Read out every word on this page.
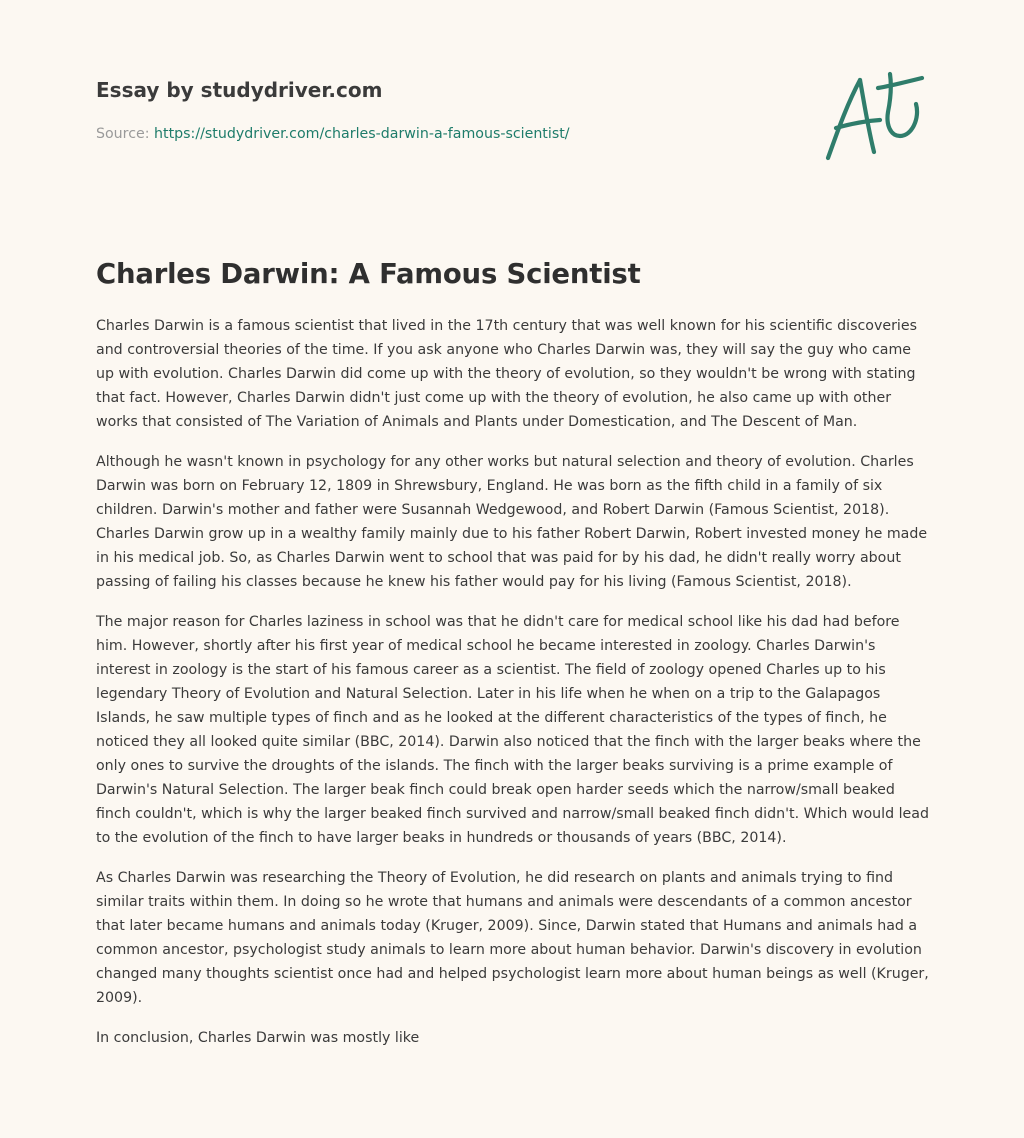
Essay by studydriver.com
Source: https://studydriver.com/charles-darwin-a-famous-scientist/
Charles Darwin: A Famous Scientist

Charles Darwin is a famous scientist that lived in the 17th century that was well known for his scientific discoveries and controversial theories of the time. If you ask anyone who Charles Darwin was, they will say the guy who came up with evolution. Charles Darwin did come up with the theory of evolution, so they wouldn't be wrong with stating that fact. However, Charles Darwin didn't just come up with the theory of evolution, he also came up with other works that consisted of The Variation of Animals and Plants under Domestication, and The Descent of Man.

Although he wasn't known in psychology for any other works but natural selection and theory of evolution. Charles Darwin was born on February 12, 1809 in Shrewsbury, England. He was born as the fifth child in a family of six children. Darwin's mother and father were Susannah Wedgewood, and Robert Darwin (Famous Scientist, 2018). Charles Darwin grow up in a wealthy family mainly due to his father Robert Darwin, Robert invested money he made in his medical job. So, as Charles Darwin went to school that was paid for by his dad, he didn't really worry about passing of failing his classes because he knew his father would pay for his living (Famous Scientist, 2018).

The major reason for Charles laziness in school was that he didn't care for medical school like his dad had before him. However, shortly after his first year of medical school he became interested in zoology. Charles Darwin's interest in zoology is the start of his famous career as a scientist. The field of zoology opened Charles up to his legendary Theory of Evolution and Natural Selection. Later in his life when he when on a trip to the Galapagos Islands, he saw multiple types of finch and as he looked at the different characteristics of the types of finch, he noticed they all looked quite similar (BBC, 2014). Darwin also noticed that the finch with the larger beaks where the only ones to survive the droughts of the islands. The finch with the larger beaks surviving is a prime example of Darwin's Natural Selection. The larger beak finch could break open harder seeds which the narrow/small beaked finch couldn't, which is why the larger beaked finch survived and narrow/small beaked finch didn't. Which would lead to the evolution of the finch to have larger beaks in hundreds or thousands of years (BBC, 2014).

As Charles Darwin was researching the Theory of Evolution, he did research on plants and animals trying to find similar traits within them. In doing so he wrote that humans and animals were descendants of a common ancestor that later became humans and animals today (Kruger, 2009). Since, Darwin stated that Humans and animals had a common ancestor, psychologist study animals to learn more about human behavior. Darwin's discovery in evolution changed many thoughts scientist once had and helped psychologist learn more about human beings as well (Kruger, 2009).

In conclusion, Charles Darwin was mostly like
